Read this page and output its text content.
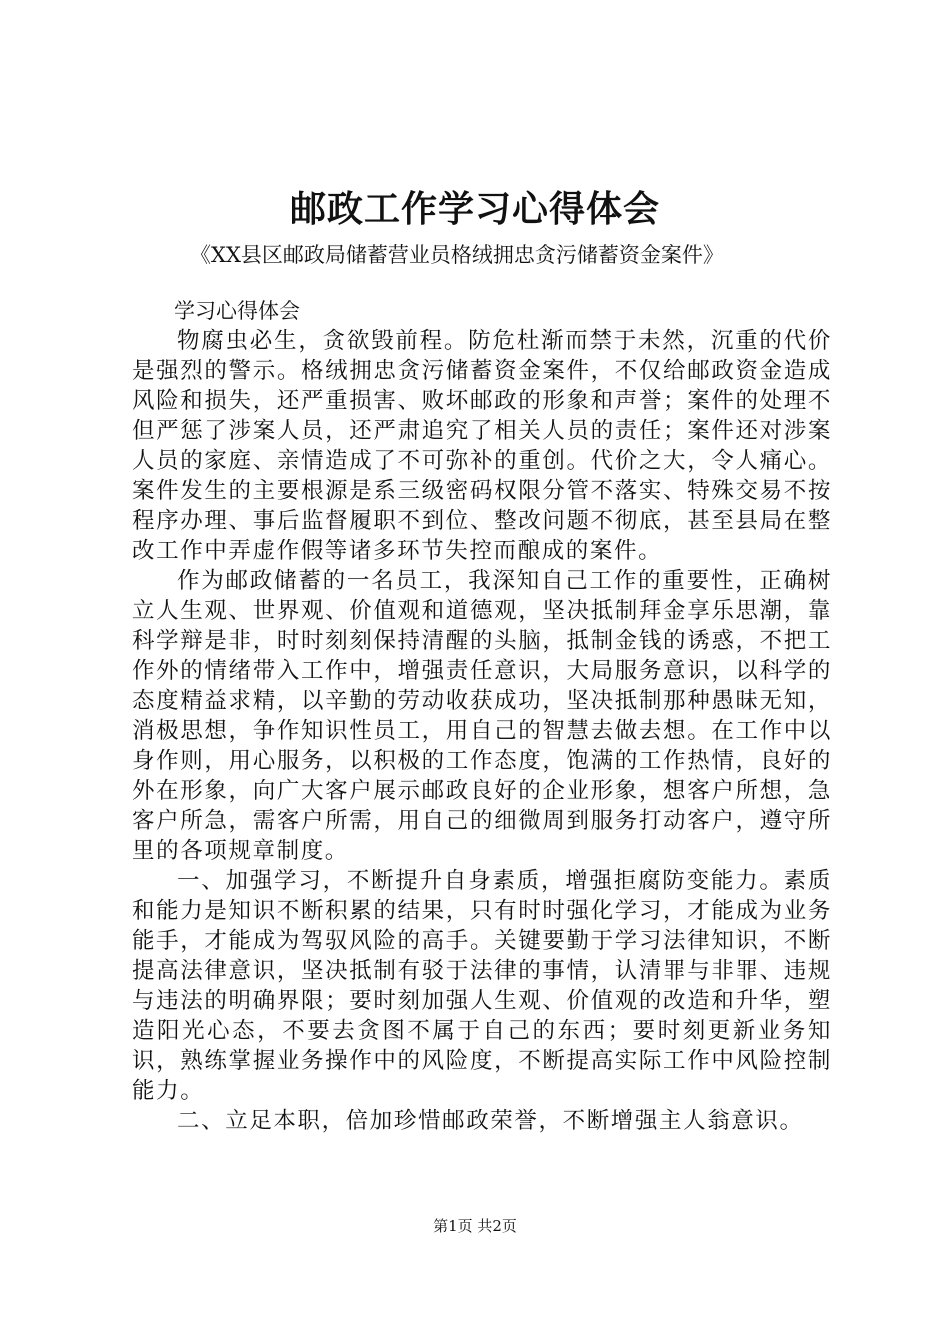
邮政工作学习心得体会
《XX县区邮政局储蓄营业员格绒拥忠贪污储蓄资金案件》

学习心得体会

物腐虫必生，贪欲毁前程。防危杜渐而禁于未然，沉重的代价是强烈的警示。格绒拥忠贪污储蓄资金案件，不仅给邮政资金造成风险和损失，还严重损害、败坏邮政的形象和声誉；案件的处理不但严惩了涉案人员，还严肃追究了相关人员的责任；案件还对涉案人员的家庭、亲情造成了不可弥补的重创。代价之大，令人痛心。案件发生的主要根源是系三级密码权限分管不落实、特殊交易不按程序办理、事后监督履职不到位、整改问题不彻底，甚至县局在整改工作中弄虚作假等诸多环节失控而酿成的案件。

作为邮政储蓄的一名员工，我深知自己工作的重要性，正确树立人生观、世界观、价值观和道德观，坚决抵制拜金享乐思潮，靠科学辩是非，时时刻刻保持清醒的头脑，抵制金钱的诱惑，不把工作外的情绪带入工作中，增强责任意识，大局服务意识，以科学的态度精益求精，以辛勤的劳动收获成功，坚决抵制那种愚昧无知，消极思想，争作知识性员工，用自己的智慧去做去想。在工作中以身作则，用心服务，以积极的工作态度，饱满的工作热情，良好的外在形象，向广大客户展示邮政良好的企业形象，想客户所想，急客户所急，需客户所需，用自己的细微周到服务打动客户，遵守所里的各项规章制度。

一、加强学习，不断提升自身素质，增强拒腐防变能力。素质和能力是知识不断积累的结果，只有时时强化学习，才能成为业务能手，才能成为驾驭风险的高手。关键要勤于学习法律知识，不断提高法律意识，坚决抵制有驳于法律的事情，认清罪与非罪、违规与违法的明确界限；要时刻加强人生观、价值观的改造和升华，塑造阳光心态，不要去贪图不属于自己的东西；要时刻更新业务知识，熟练掌握业务操作中的风险度，不断提高实际工作中风险控制能力。

二、立足本职，倍加珍惜邮政荣誉，不断增强主人翁意识。

第1页 共2页
